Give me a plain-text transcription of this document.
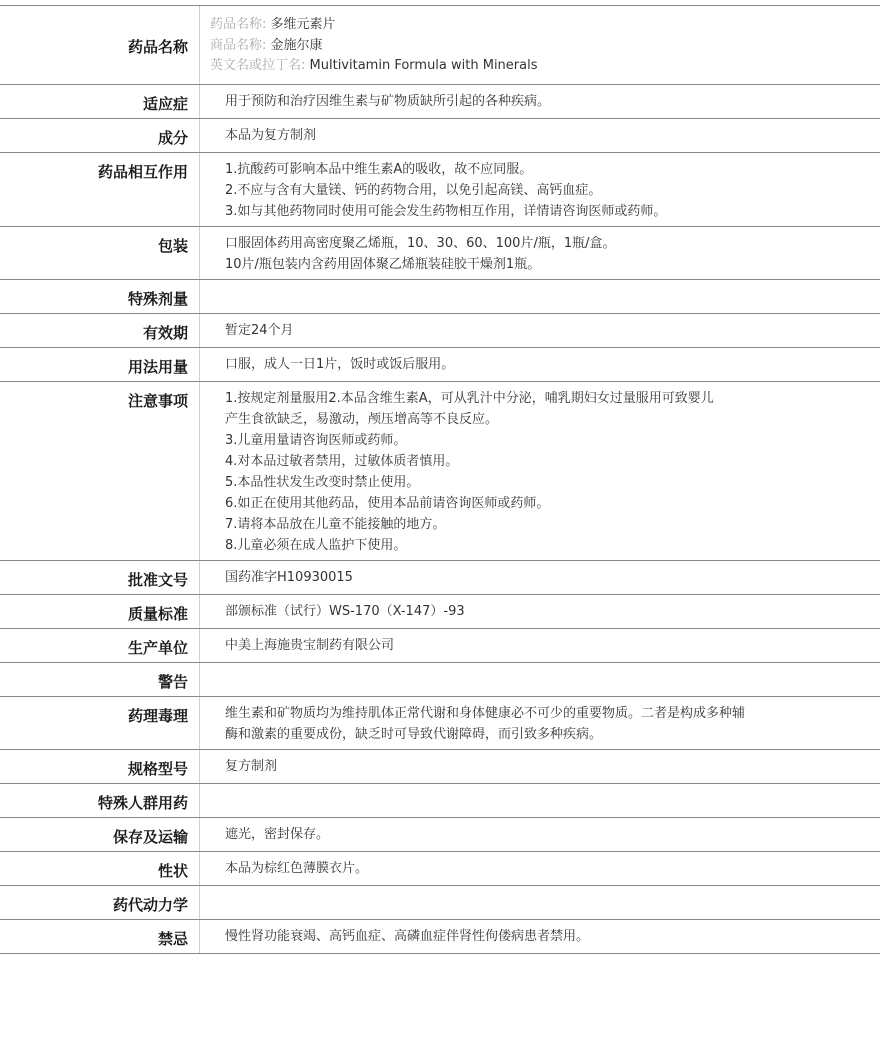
药品名称
药品名称: 多维元素片
商品名称: 金施尔康
英文名或拉丁名: Multivitamin Formula with Minerals
适应症	用于预防和治疗因维生素与矿物质缺所引起的各种疾病。
成分	本品为复方制剂
药品相互作用	1.抗酸药可影响本品中维生素A的吸收，故不应同服。
2.不应与含有大量镁、钙的药物合用，以免引起高镁、高钙血症。
3.如与其他药物同时使用可能会发生药物相互作用，详情请咨询医师或药师。
包装	口服固体药用高密度聚乙烯瓶，10、30、60、100片/瓶，1瓶/盒。
10片/瓶包装内含药用固体聚乙烯瓶装硅胶干燥剂1瓶。
特殊剂量
有效期	暂定24个月
用法用量	口服，成人一日1片，饭时或饭后服用。
注意事项	1.按规定剂量服用2.本品含维生素A，可从乳汁中分泌，哺乳期妇女过量服用可致婴儿
产生食欲缺乏，易激动，颅压增高等不良反应。
3.儿童用量请咨询医师或药师。
4.对本品过敏者禁用，过敏体质者慎用。
5.本品性状发生改变时禁止使用。
6.如正在使用其他药品，使用本品前请咨询医师或药师。
7.请将本品放在儿童不能接触的地方。
8.儿童必须在成人监护下使用。
批准文号	国药准字H10930015
质量标准	部颁标准（试行）WS-170（X-147）-93
生产单位	中美上海施贵宝制药有限公司
警告
药理毒理	维生素和矿物质均为维持肌体正常代谢和身体健康必不可少的重要物质。二者是构成多种辅
酶和激素的重要成份，缺乏时可导致代谢障碍，而引致多种疾病。
规格型号	复方制剂
特殊人群用药
保存及运输	遮光，密封保存。
性状	本品为棕红色薄膜衣片。
药代动力学
禁忌	慢性肾功能衰竭、高钙血症、高磷血症伴肾性佝偻病患者禁用。
